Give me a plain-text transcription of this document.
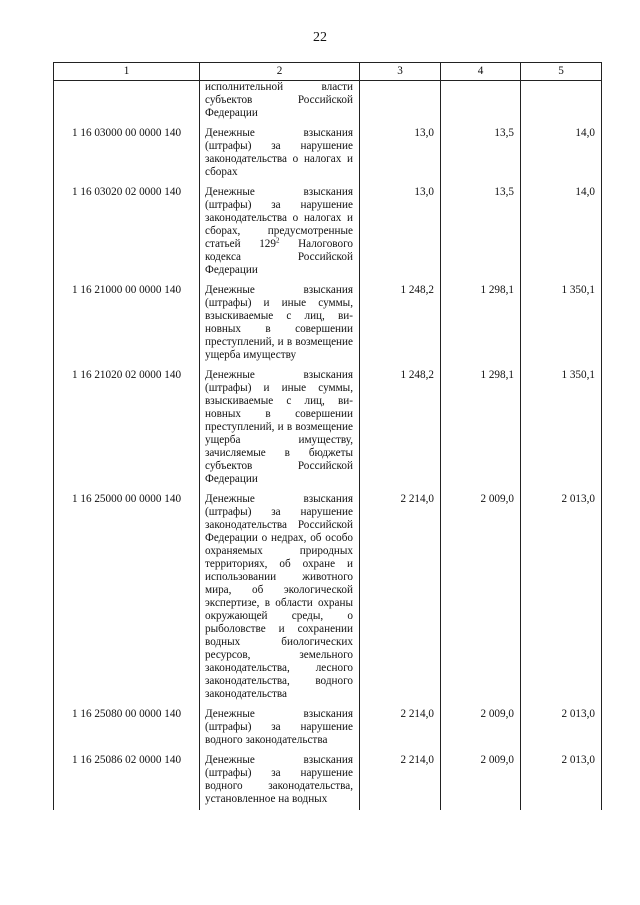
22
1	2	3	4	5
	исполнительной власти субъектов Российской Федерации			
1 16 03000 00 0000 140	Денежные взыскания (штрафы) за нарушение законодательства о налогах и сборах	13,0	13,5	14,0
1 16 03020 02 0000 140	Денежные взыскания (штрафы) за нарушение законодательства о налогах и сборах, предусмотренные статьей $129^2$ Налогового кодекса Российской Федерации	13,0	13,5	14,0
1 16 21000 00 0000 140	Денежные взыскания (штрафы) и иные суммы, взыскиваемые с лиц, виновных в совершении преступлений, и в возмещение ущерба имуществу	1 248,2	1 298,1	1 350,1
1 16 21020 02 0000 140	Денежные взыскания (штрафы) и иные суммы, взыскиваемые с лиц, виновных в совершении преступлений, и в возмещение ущерба имуществу, зачисляемые в бюджеты субъектов Российской Федерации	1 248,2	1 298,1	1 350,1
1 16 25000 00 0000 140	Денежные взыскания (штрафы) за нарушение законодательства Российской Федерации о недрах, об особо охраняемых природных территориях, об охране и использовании животного мира, об экологической экспертизе, в области охраны окружающей среды, о рыболовстве и сохранении водных биологических ресурсов, земельного законодательства, лесного законодательства, водного законодательства	2 214,0	2 009,0	2 013,0
1 16 25080 00 0000 140	Денежные взыскания (штрафы) за нарушение водного законодательства	2 214,0	2 009,0	2 013,0
1 16 25086 02 0000 140	Денежные взыскания (штрафы) за нарушение водного законодательства, установленное на водных	2 214,0	2 009,0	2 013,0
